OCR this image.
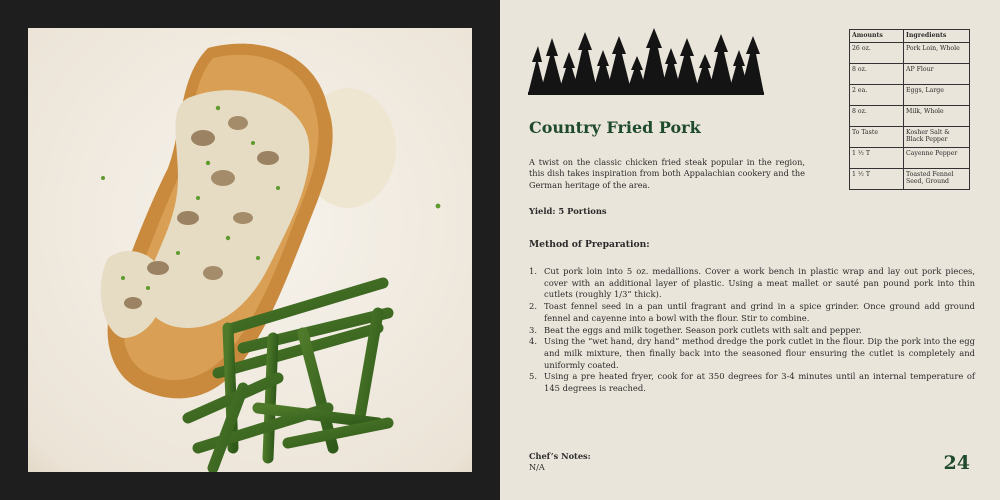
Country Fried Pork

A twist on the classic chicken fried steak popular in the region, this dish takes inspiration from both Appalachian cookery and the German heritage of the area.

Yield: 5 Portions
Method of Preparation:
1. Cut pork loin into 5 oz. medallions. Cover a work bench in plastic wrap and lay out pork pieces, cover with an additional layer of plastic. Using a meat mallet or sauté pan pound pork into thin cutlets (roughly 1/3” thick).
2. Toast fennel seed in a pan until fragrant and grind in a spice grinder. Once ground add ground fennel and cayenne into a bowl with the flour. Stir to combine.
3. Beat the eggs and milk together. Season pork cutlets with salt and pepper.
4. Using the “wet hand, dry hand” method dredge the pork cutlet in the flour. Dip the pork into the egg and milk mixture, then finally back into the seasoned flour ensuring the cutlet is completely and uniformly coated.
5. Using a pre heated fryer, cook for at 350 degrees for 3-4 minutes until an internal temperature of 145 degrees is reached.
Chef’s Notes:
N/A	24
Amounts	Ingredients
26 oz.	Pork Loin, Whole
8 oz.	AP Flour
2 ea.	Eggs, Large
8 oz.	Milk, Whole
To Taste	Kosher Salt & Black Pepper
1 ½ T	Cayenne Pepper
1 ½ T	Toasted Fennel Seed, Ground
